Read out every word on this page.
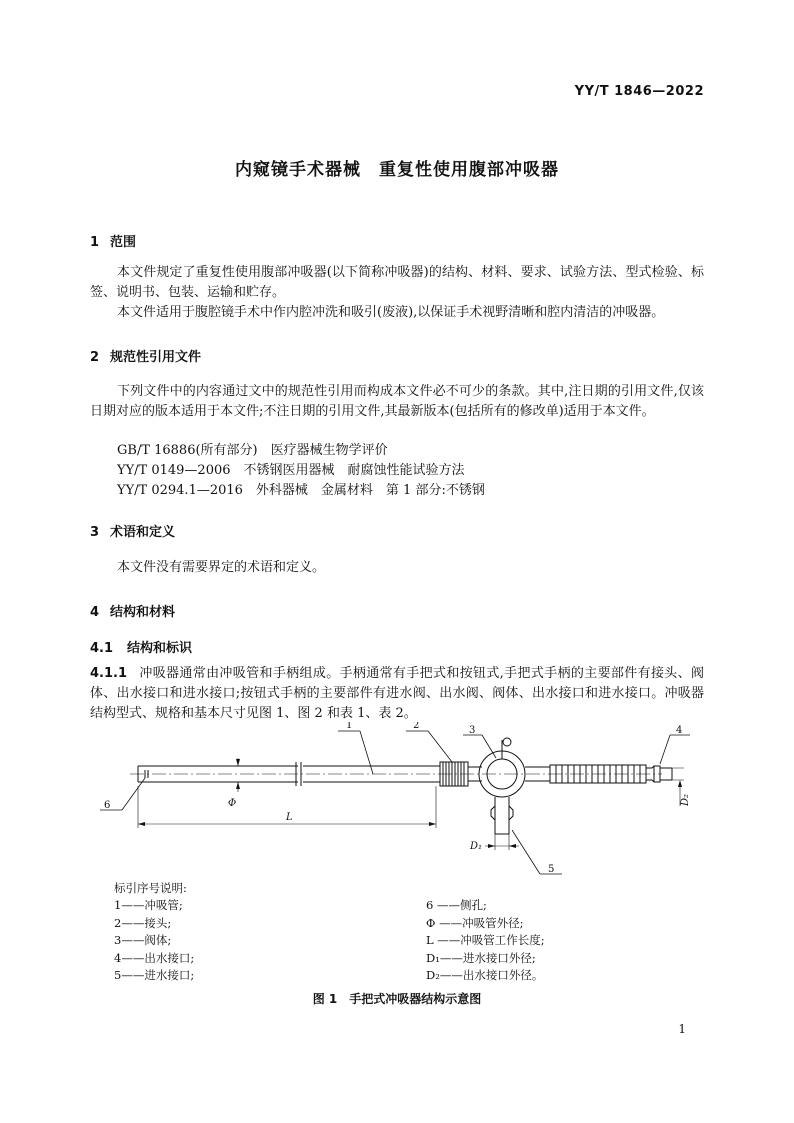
YY/T 1846—2022
内窥镜手术器械　重复性使用腹部冲吸器
1 范围
本文件规定了重复性使用腹部冲吸器(以下简称冲吸器)的结构、材料、要求、试验方法、型式检验、标签、说明书、包装、运输和贮存。
本文件适用于腹腔镜手术中作内腔冲洗和吸引(废液),以保证手术视野清晰和腔内清洁的冲吸器。
2 规范性引用文件
下列文件中的内容通过文中的规范性引用而构成本文件必不可少的条款。其中,注日期的引用文件,仅该日期对应的版本适用于本文件;不注日期的引用文件,其最新版本(包括所有的修改单)适用于本文件。
GB/T 16886(所有部分)　医疗器械生物学评价
YY/T 0149—2006　不锈钢医用器械　耐腐蚀性能试验方法
YY/T 0294.1—2016　外科器械　金属材料　第 1 部分:不锈钢
3 术语和定义
本文件没有需要界定的术语和定义。
4 结构和材料
4.1 结构和标识
4.1.1 冲吸器通常由冲吸管和手柄组成。手柄通常有手把式和按钮式,手把式手柄的主要部件有接头、阀体、出水接口和进水接口;按钮式手柄的主要部件有进水阀、出水阀、阀体、出水接口和进水接口。冲吸器结构型式、规格和基本尺寸见图 1、图 2 和表 1、表 2。
1	2	3	4
6
5
Φ
L
D₁
D₂
标引序号说明:
1——冲吸管;
2——接头;
3——阀体;
4——出水接口;
5——进水接口;
6 ——侧孔;
Φ ——冲吸管外径;
L ——冲吸管工作长度;
D₁——进水接口外径;
D₂——出水接口外径。
图 1　手把式冲吸器结构示意图
1
